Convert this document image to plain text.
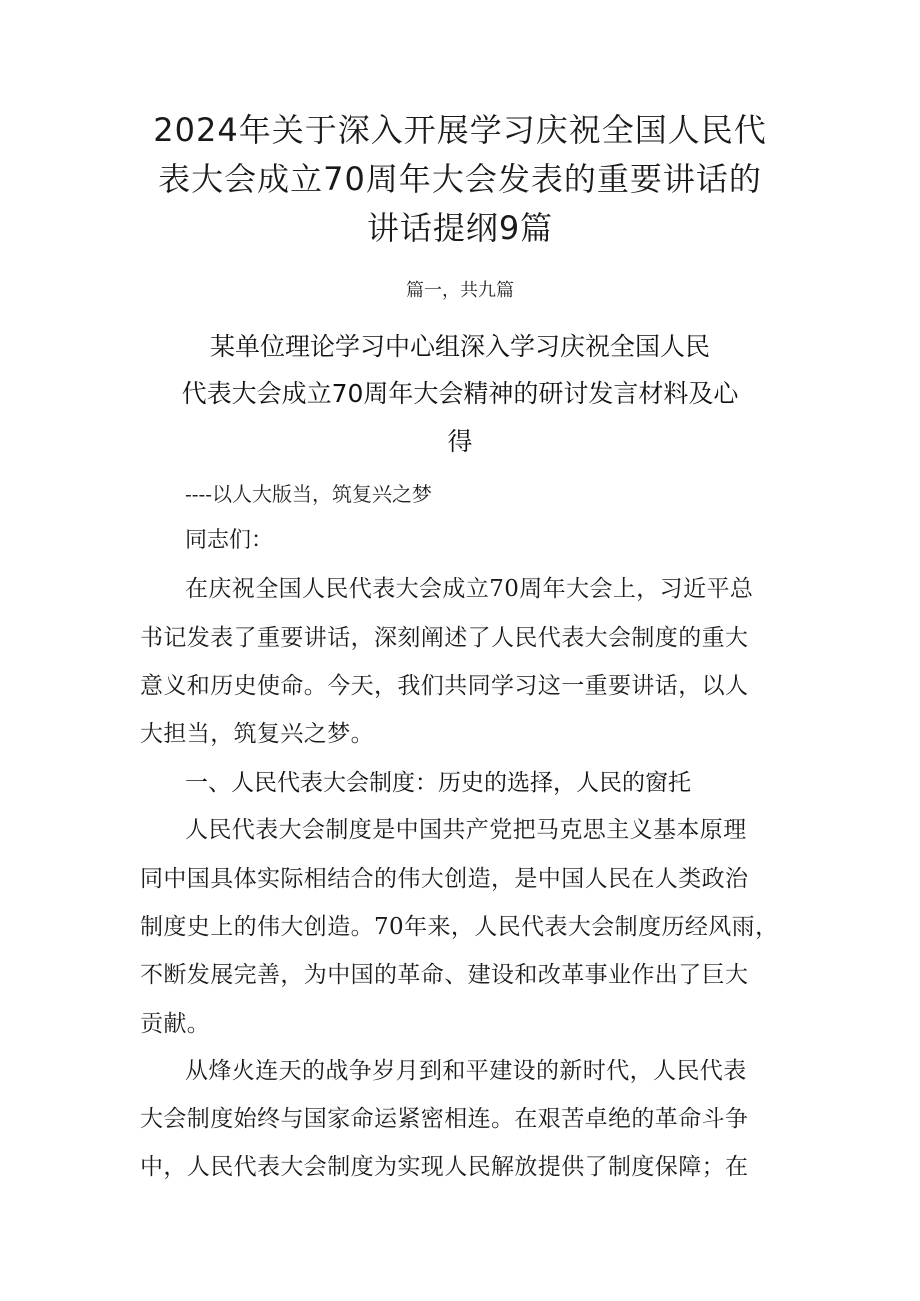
2024年关于深入开展学习庆祝全国人民代
表大会成立70周年大会发表的重要讲话的
讲话提纲9篇
篇一，共九篇
某单位理论学习中心组深入学习庆祝全国人民
代表大会成立70周年大会精神的研讨发言材料及心
得
----以人大版当，筑复兴之梦
同志们：
在庆祝全国人民代表大会成立70周年大会上，习近平总
书记发表了重要讲话，深刻阐述了人民代表大会制度的重大
意义和历史使命。今天，我们共同学习这一重要讲话，以人
大担当，筑复兴之梦。
一、人民代表大会制度：历史的选择，人民的窗托
人民代表大会制度是中国共产党把马克思主义基本原理
同中国具体实际相结合的伟大创造，是中国人民在人类政治
制度史上的伟大创造。70年来，人民代表大会制度历经风雨，
不断发展完善，为中国的革命、建设和改革事业作出了巨大
贡献。
从烽火连天的战争岁月到和平建设的新时代，人民代表
大会制度始终与国家命运紧密相连。在艰苦卓绝的革命斗争
中，人民代表大会制度为实现人民解放提供了制度保障；在
